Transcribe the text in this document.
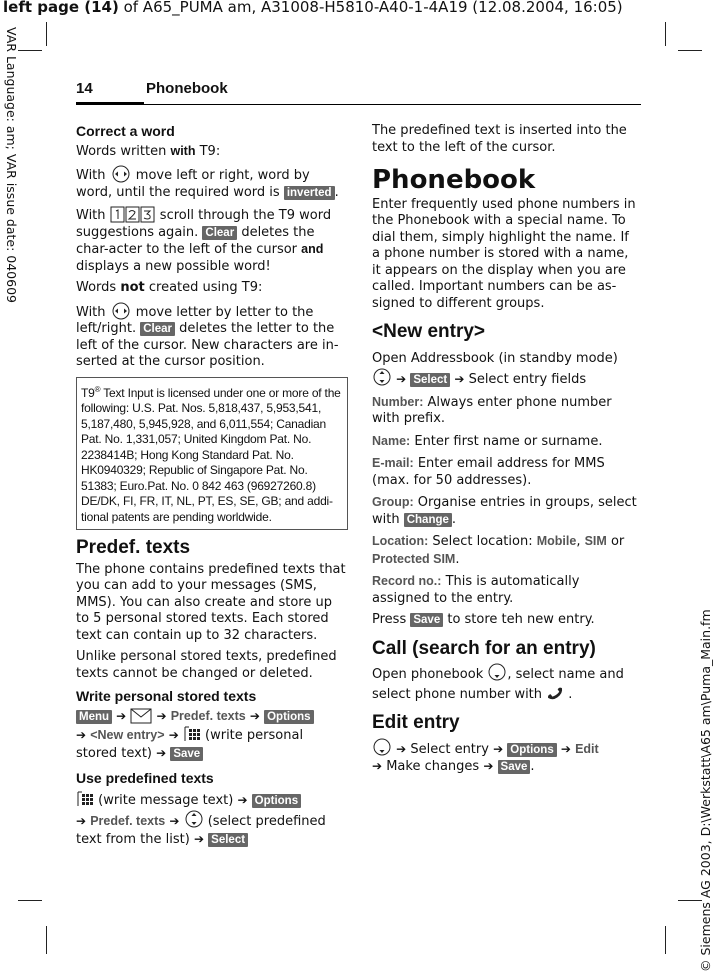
left page (14) of A65_PUMA am, A31008-H5810-A40-1-4A19 (12.08.2004, 16:05)
VAR Language: am; VAR issue date: 040609
© Siemens AG 2003, D:\Werkstatt\A65 am\Puma_Main.fm
14	Phonebook
Correct a word

Words written with T9:

With  move left or right, word by word, until the required word is inverted .

With	scroll through the T9 word suggestions again. Clear deletes the char-acter to the left of the cursor and displays a new possible word!

Words not created using T9:

With  move letter by letter to the left/right. Clear deletes the letter to the left of the cursor. New characters are in-serted at the cursor position.

T9® Text Input is licensed under one or more of the following: U.S. Pat. Nos. 5,818,437, 5,953,541, 5,187,480, 5,945,928, and 6,011,554; Canadian Pat. No. 1,331,057; United Kingdom Pat. No. 2238414B; Hong Kong Standard Pat. No. HK0940329; Republic of Singapore Pat. No. 51383; Euro.Pat. No. 0 842 463 (96927260.8) DE/DK, FI, FR, IT, NL, PT, ES, SE, GB; and addi-tional patents are pending worldwide.
Predef. texts

The phone contains predefined texts that you can add to your messages (SMS, MMS). You can also create and store up to 5 personal stored texts. Each stored text can contain up to 32 characters.

Unlike personal stored texts, predefined texts cannot be changed or deleted.

Write personal stored texts

Menu ➔	➔ Predef. texts ➔ Options
➔ <New entry> ➔  (write personal stored text) ➔ Save

Use predefined texts

(write message text) ➔ Options
➔ Predef. texts ➔  (select predefined text from the list) ➔ Select

The predefined text is inserted into the text to the left of the cursor.

Phonebook

Enter frequently used phone numbers in the Phonebook with a special name. To dial them, simply highlight the name. If a phone number is stored with a name, it appears on the display when you are called. Important numbers can be as-signed to different groups.

<New entry>

Open Addressbook (in standby mode)
➔ Select ➔ Select entry fields

Number: Always enter phone number with prefix.

Name: Enter first name or surname.

E-mail: Enter email address for MMS (max. for 50 addresses).

Group: Organise entries in groups, select with Change .

Location: Select location: Mobile, SIM or Protected SIM.

Record no.: This is automatically assigned to the entry.

Press Save to store teh new entry.

Call (search for an entry)

Open phonebook , select name and select phone number with  .

Edit entry

➔ Select entry ➔ Options ➔ Edit
➔ Make changes ➔ Save .
